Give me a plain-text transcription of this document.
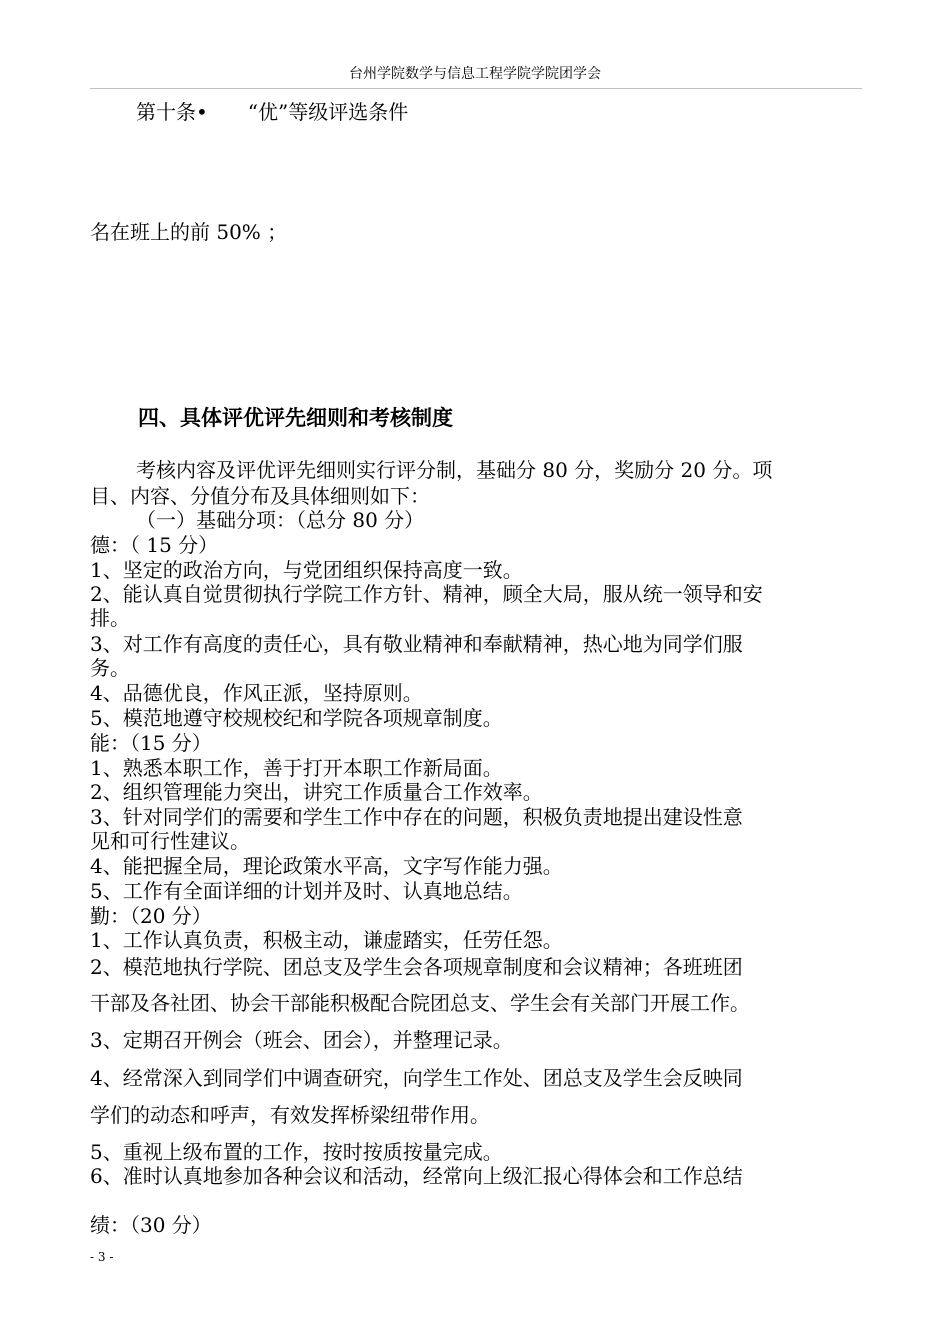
台州学院数学与信息工程学院学院团学会
第十条•　　“优”等级评选条件
名在班上的前 50% ；
四、具体评优评先细则和考核制度
考核内容及评优评先细则实行评分制，基础分 80 分，奖励分 20 分。项
目、内容、分值分布及具体细则如下：
（一）基础分项：（总分 80 分）
德：（ 15 分）
1、坚定的政治方向，与党团组织保持高度一致。
2、能认真自觉贯彻执行学院工作方针、精神，顾全大局，服从统一领导和安
排。
3、对工作有高度的责任心，具有敬业精神和奉献精神，热心地为同学们服
务。
4、品德优良，作风正派，坚持原则。
5、模范地遵守校规校纪和学院各项规章制度。
能：（15 分）
1、熟悉本职工作，善于打开本职工作新局面。
2、组织管理能力突出，讲究工作质量合工作效率。
3、针对同学们的需要和学生工作中存在的问题，积极负责地提出建设性意
见和可行性建议。
4、能把握全局，理论政策水平高，文字写作能力强。
5、工作有全面详细的计划并及时、认真地总结。
勤：（20 分）
1、工作认真负责，积极主动，谦虚踏实，任劳任怨。
2、模范地执行学院、团总支及学生会各项规章制度和会议精神；各班班团
干部及各社团、协会干部能积极配合院团总支、学生会有关部门开展工作。
3、定期召开例会（班会、团会），并整理记录。
4、经常深入到同学们中调查研究，向学生工作处、团总支及学生会反映同
学们的动态和呼声，有效发挥桥梁纽带作用。
5、重视上级布置的工作，按时按质按量完成。
6、准时认真地参加各种会议和活动，经常向上级汇报心得体会和工作总结
绩：（30 分）
- 3 -
